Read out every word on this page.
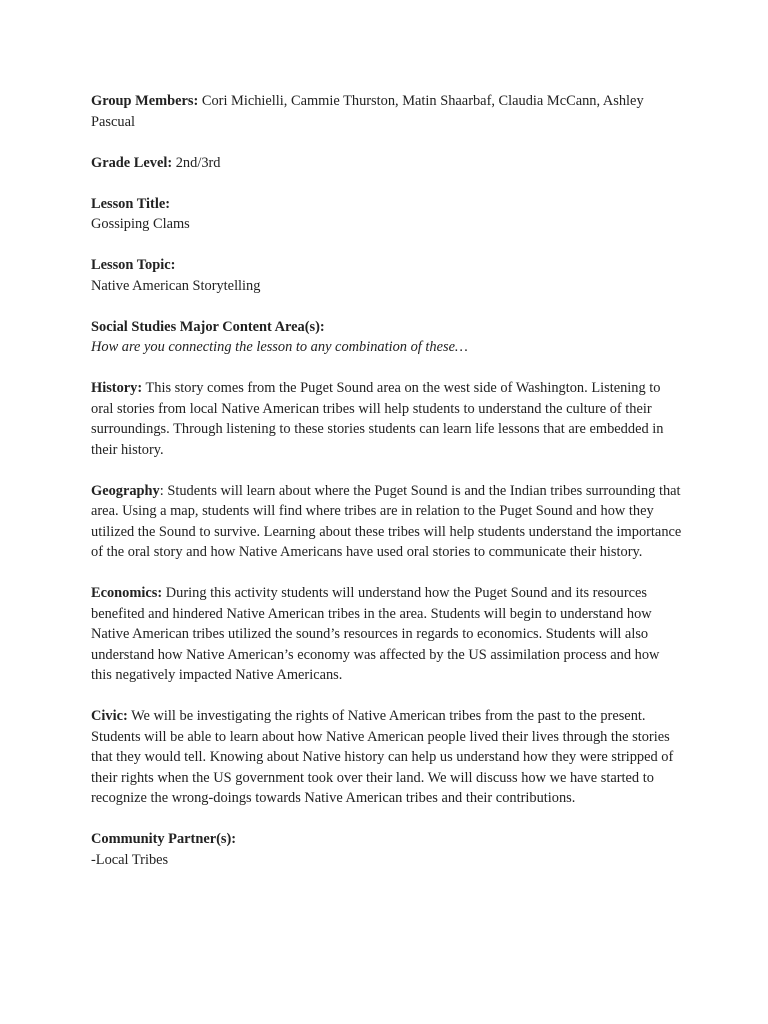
Group Members: Cori Michielli, Cammie Thurston, Matin Shaarbaf, Claudia McCann, Ashley Pascual

Grade Level: 2nd/3rd

Lesson Title:
Gossiping Clams

Lesson Topic:
Native American Storytelling

Social Studies Major Content Area(s):
How are you connecting the lesson to any combination of these…

History: This story comes from the Puget Sound area on the west side of Washington. Listening to oral stories from local Native American tribes will help students to understand the culture of their surroundings. Through listening to these stories students can learn life lessons that are embedded in their history.

Geography: Students will learn about where the Puget Sound is and the Indian tribes surrounding that area. Using a map, students will find where tribes are in relation to the Puget Sound and how they utilized the Sound to survive. Learning about these tribes will help students understand the importance of the oral story and how Native Americans have used oral stories to communicate their history.

Economics: During this activity students will understand how the Puget Sound and its resources benefited and hindered Native American tribes in the area. Students will begin to understand how Native American tribes utilized the sound’s resources in regards to economics. Students will also understand how Native American’s economy was affected by the US assimilation process and how this negatively impacted Native Americans.

Civic: We will be investigating the rights of Native American tribes from the past to the present. Students will be able to learn about how Native American people lived their lives through the stories that they would tell. Knowing about Native history can help us understand how they were stripped of their rights when the US government took over their land. We will discuss how we have started to recognize the wrong-doings towards Native American tribes and their contributions.

Community Partner(s):
-Local Tribes
